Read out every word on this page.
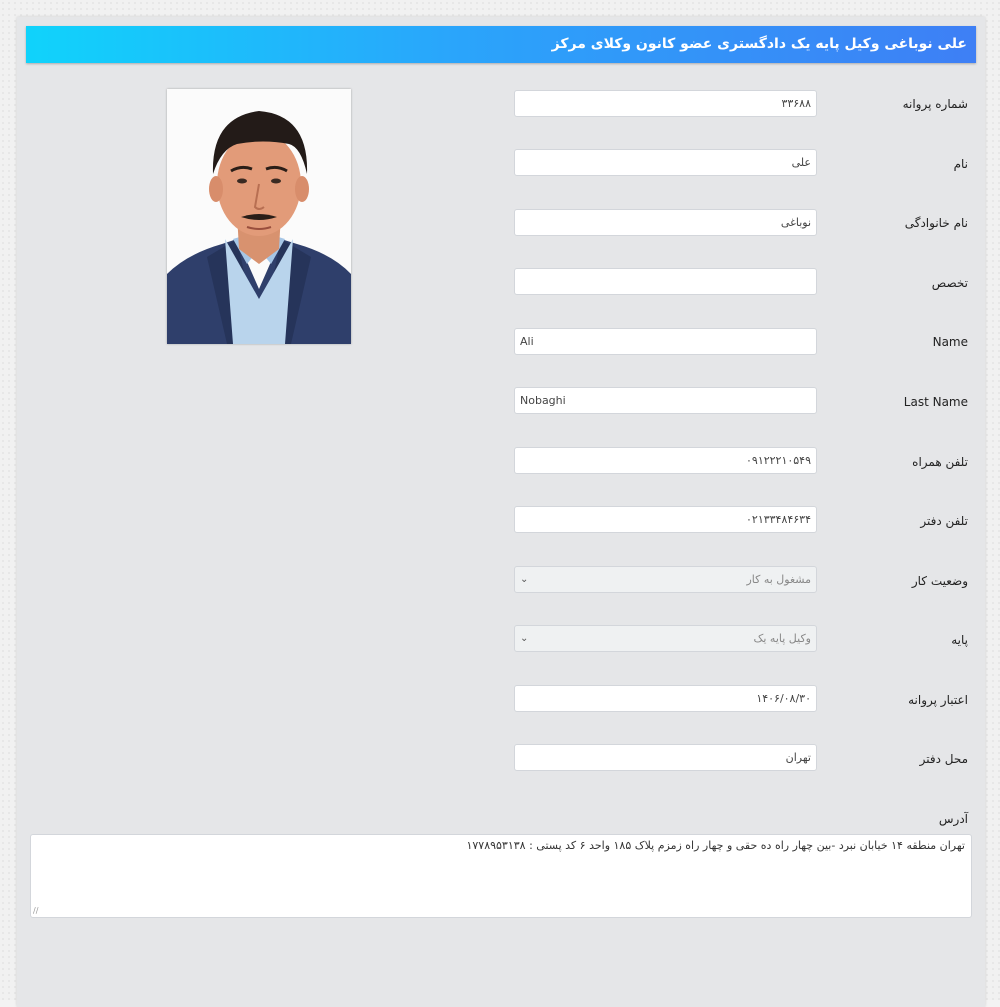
علی نوباغی وکیل پایه یک دادگستری عضو کانون وکلای مرکز
شماره پروانه
۳۳۶۸۸
نام
علی
نام خانوادگی
نوباغی
تخصص
Name
Ali
Last Name
Nobaghi
تلفن همراه
۰۹۱۲۲۲۱۰۵۴۹
تلفن دفتر
۰۲۱۳۳۴۸۴۶۳۴
وضعیت کار
مشغول به کار
⌄
پایه
وکیل پایه یک
⌄
اعتبار پروانه
۱۴۰۶/۰۸/۳۰
محل دفتر
تهران
آدرس
تهران منطقه ۱۴ خیابان نبرد -بین چهار راه ده حقی و چهار راه زمزم پلاک ۱۸۵ واحد ۶ کد پستی : ۱۷۷۸۹۵۳۱۳۸
∕∕
